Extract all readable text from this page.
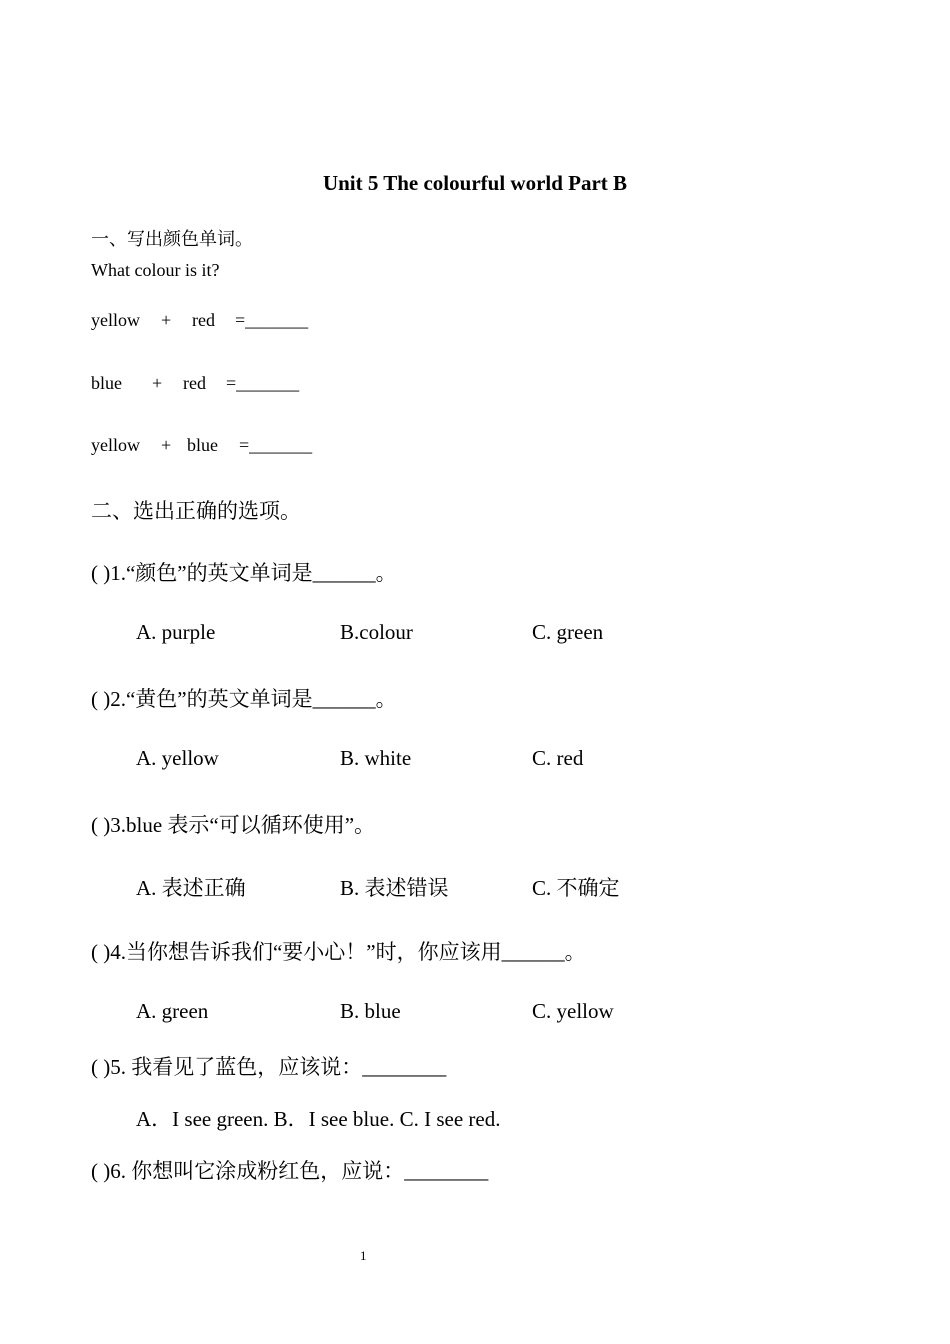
Unit 5 The colourful world Part B
一、写出颜色单词。
What colour is it?
yellow + red =_______
blue + red =_______
yellow + blue =_______
二、选出正确的选项。
( )1.“颜色”的英文单词是______。
A. purple	B.colour	C. green
( )2.“黄色”的英文单词是______。
A. yellow	B. white	C. red
( )3.blue 表示“可以循环使用”。
A. 表述正确	B. 表述错误	C. 不确定
( )4.当你想告诉我们“要小心！”时，你应该用______。
A. green	B. blue	C. yellow
( )5. 我看见了蓝色，应该说：________
A．I see green. B．I see blue. C. I see red.
( )6. 你想叫它涂成粉红色，应说：________
1
